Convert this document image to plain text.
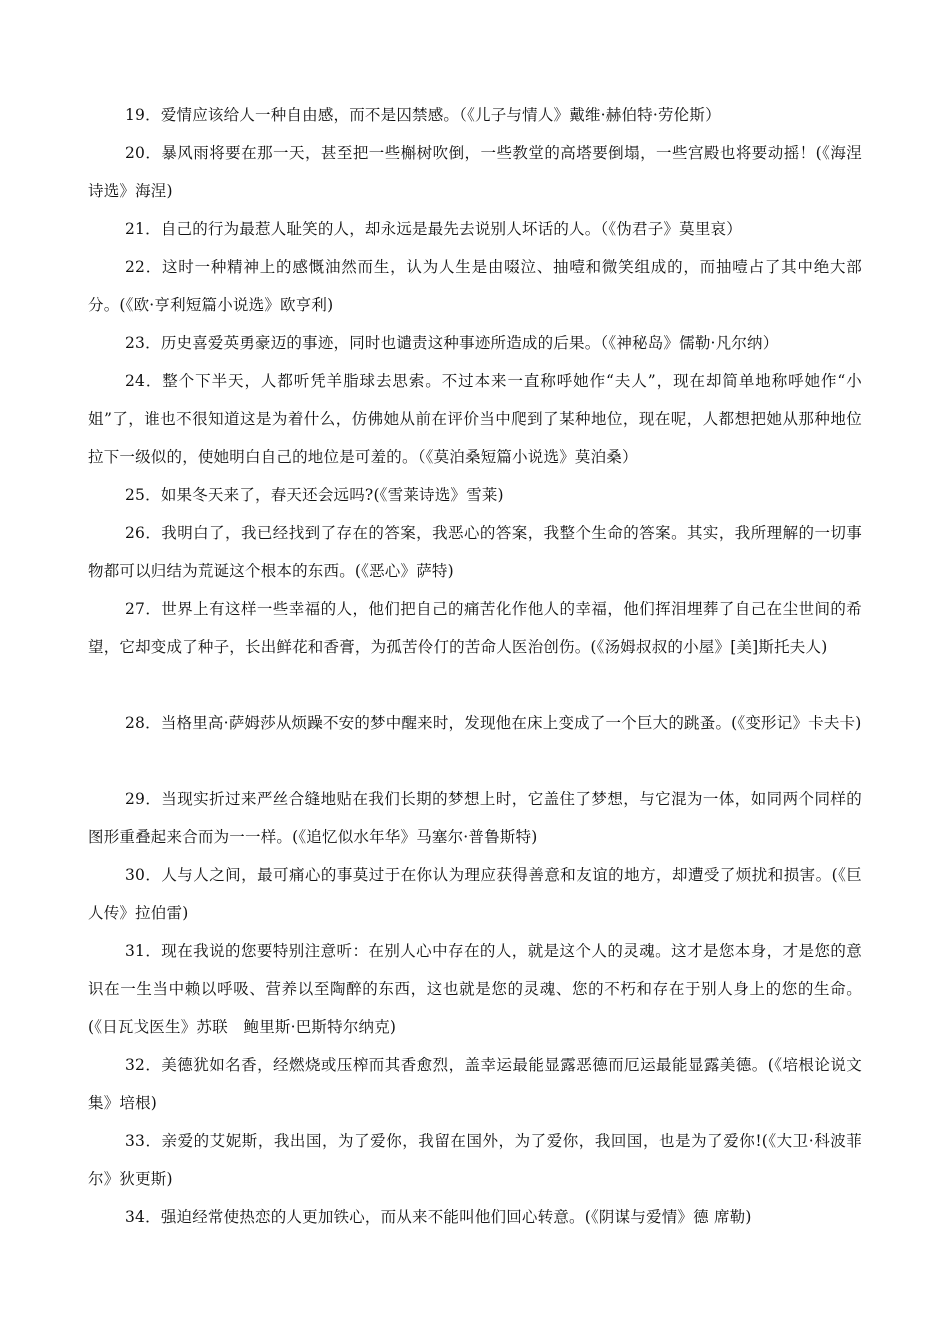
19．爱情应该给人一种自由感，而不是囚禁感。（《儿子与情人》戴维·赫伯特·劳伦斯）

20．暴风雨将要在那一天，甚至把一些槲树吹倒，一些教堂的高塔要倒塌，一些宫殿也将要动摇！(《海涅诗选》海涅)

21．自己的行为最惹人耻笑的人，却永远是最先去说别人坏话的人。（《伪君子》莫里哀）

22．这时一种精神上的感慨油然而生，认为人生是由啜泣、抽噎和微笑组成的，而抽噎占了其中绝大部分。(《欧·亨利短篇小说选》欧亨利)

23．历史喜爱英勇豪迈的事迹，同时也谴责这种事迹所造成的后果。（《神秘岛》儒勒·凡尔纳）

24．整个下半天，人都听凭羊脂球去思索。不过本来一直称呼她作“夫人”，现在却简单地称呼她作“小姐”了，谁也不很知道这是为着什么，仿佛她从前在评价当中爬到了某种地位，现在呢，人都想把她从那种地位拉下一级似的，使她明白自己的地位是可羞的。（《莫泊桑短篇小说选》莫泊桑）

25．如果冬天来了，春天还会远吗?(《雪莱诗选》雪莱)

26．我明白了，我已经找到了存在的答案，我恶心的答案，我整个生命的答案。其实，我所理解的一切事物都可以归结为荒诞这个根本的东西。(《恶心》萨特)

27．世界上有这样一些幸福的人，他们把自己的痛苦化作他人的幸福，他们挥泪埋葬了自己在尘世间的希望，它却变成了种子，长出鲜花和香膏，为孤苦伶仃的苦命人医治创伤。(《汤姆叔叔的小屋》[美]斯托夫人)

28．当格里高·萨姆莎从烦躁不安的梦中醒来时，发现他在床上变成了一个巨大的跳蚤。(《变形记》卡夫卡)

29．当现实折过来严丝合缝地贴在我们长期的梦想上时，它盖住了梦想，与它混为一体，如同两个同样的图形重叠起来合而为一一样。(《追忆似水年华》马塞尔·普鲁斯特)

30．人与人之间，最可痛心的事莫过于在你认为理应获得善意和友谊的地方，却遭受了烦扰和损害。(《巨人传》拉伯雷)

31．现在我说的您要特别注意听：在别人心中存在的人，就是这个人的灵魂。这才是您本身，才是您的意识在一生当中赖以呼吸、营养以至陶醉的东西，这也就是您的灵魂、您的不朽和存在于别人身上的您的生命。(《日瓦戈医生》苏联　鲍里斯·巴斯特尔纳克)

32．美德犹如名香，经燃烧或压榨而其香愈烈，盖幸运最能显露恶德而厄运最能显露美德。(《培根论说文集》培根)

33．亲爱的艾妮斯，我出国，为了爱你，我留在国外，为了爱你，我回国，也是为了爱你!(《大卫·科波菲尔》狄更斯)

34．强迫经常使热恋的人更加铁心，而从来不能叫他们回心转意。(《阴谋与爱情》德 席勒)
